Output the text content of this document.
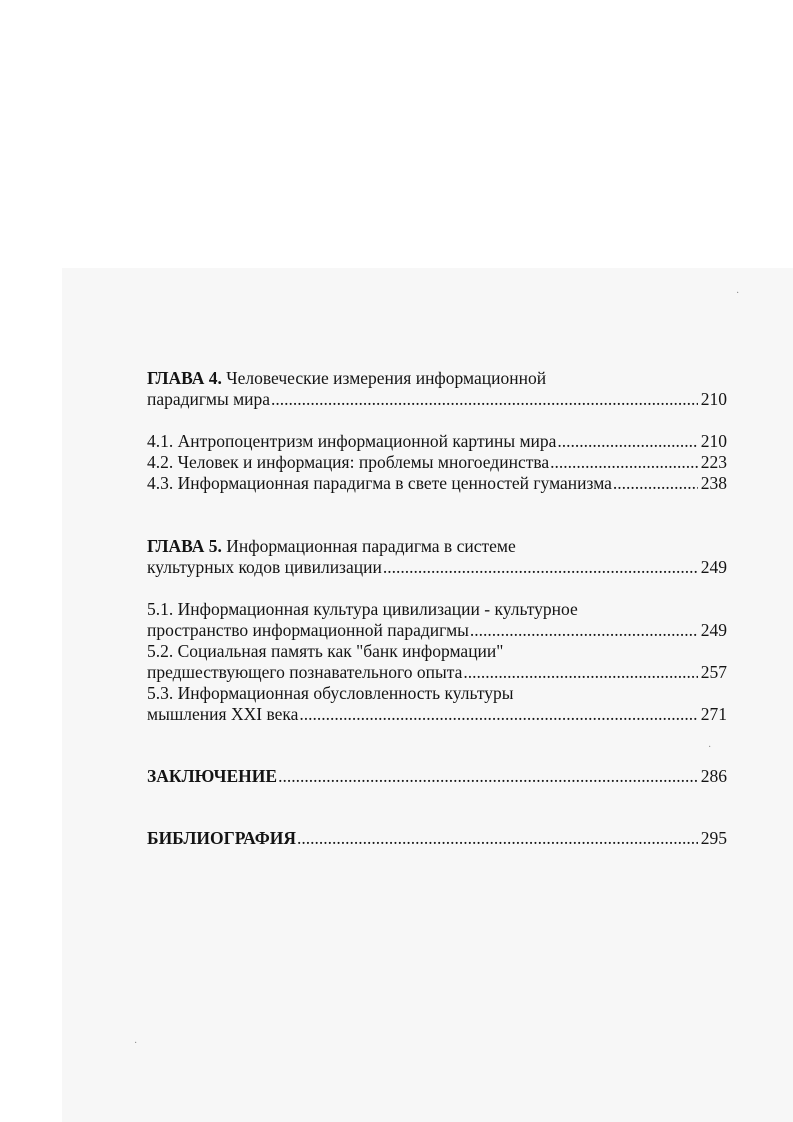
·
·
·
ГЛАВА 4. Человеческие измерения информационной
парадигмы мира .....	210
4.1. Антропоцентризм информационной картины мира .....	210
4.2. Человек и информация: проблемы многоединства .....	223
4.3. Информационная парадигма в свете ценностей гуманизма .....	238
ГЛАВА 5. Информационная парадигма в системе
культурных кодов цивилизации .....	249
5.1. Информационная культура цивилизации - культурное
пространство информационной парадигмы .....	249
5.2. Социальная память как "банк информации"
предшествующего познавательного опыта .....	257
5.3. Информационная обусловленность культуры
мышления XXI века .....	271
ЗАКЛЮЧЕНИЕ .....	286
БИБЛИОГРАФИЯ .....	295
